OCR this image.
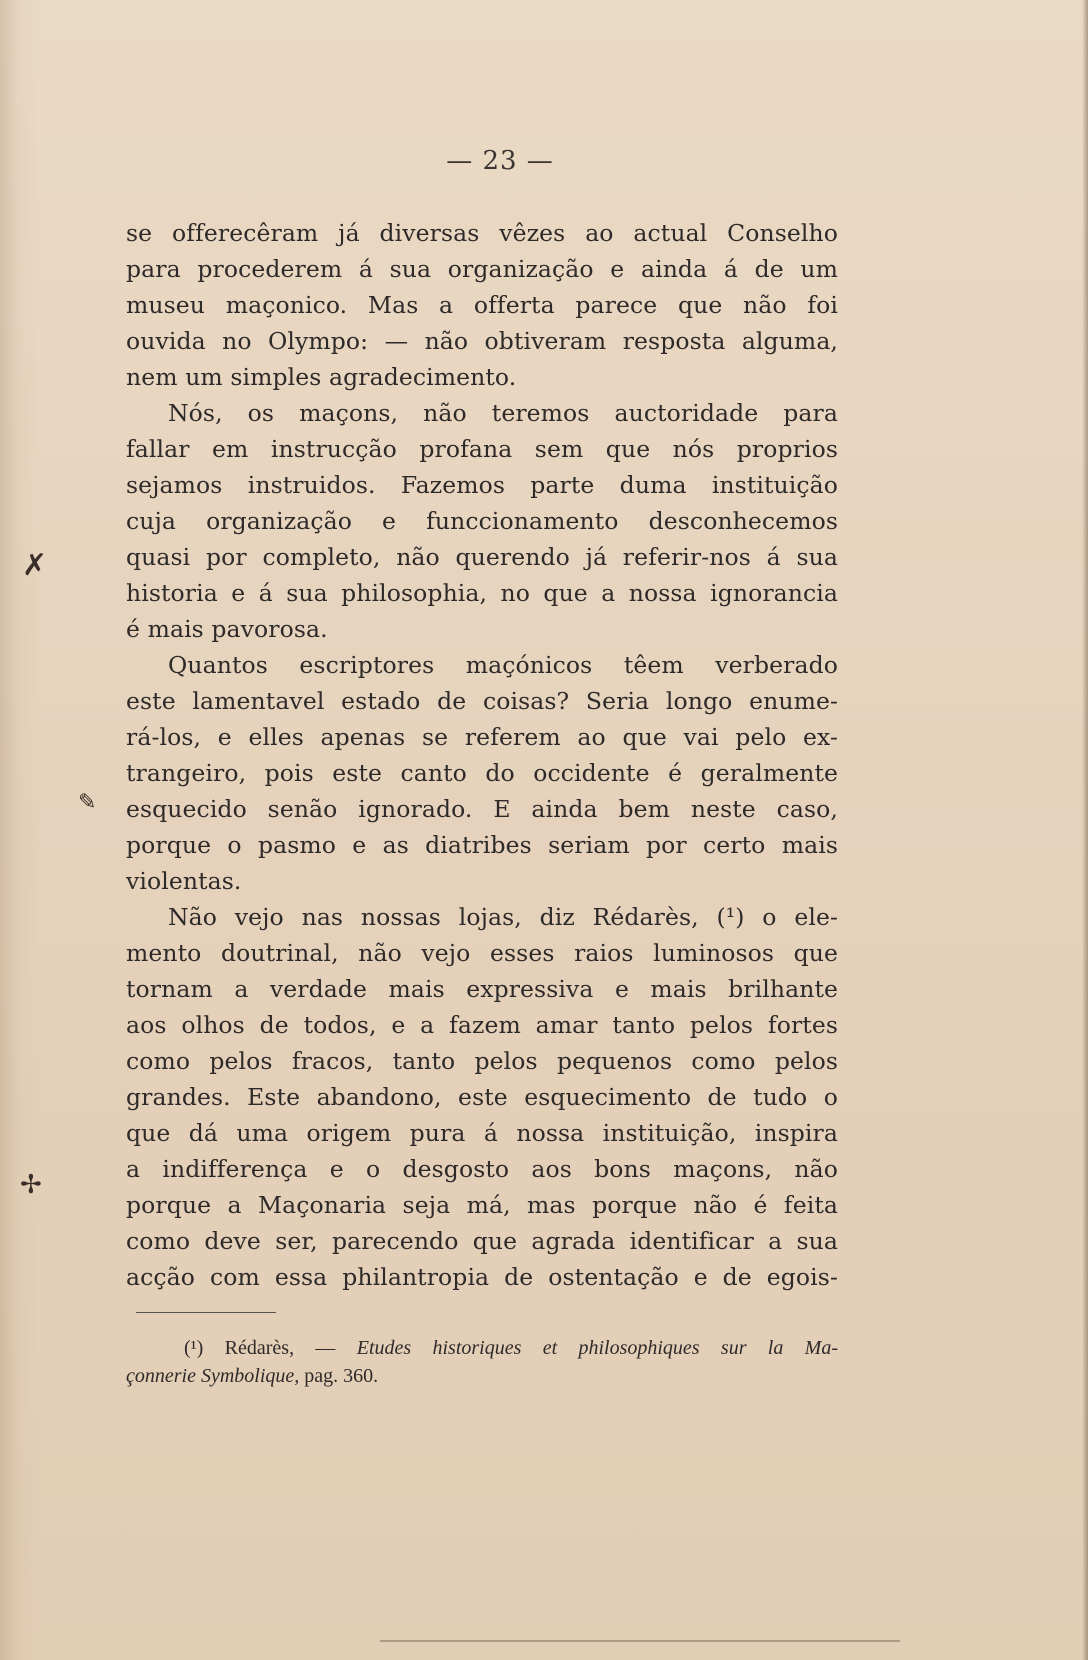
— 23 —
se offerecêram já diversas vêzes ao actual Conselho
para procederem á sua organização e ainda á de um
museu maçonico. Mas a offerta parece que não foi
ouvida no Olympo: — não obtiveram resposta alguma,
nem um simples agradecimento.
Nós, os maçons, não teremos auctoridade para
fallar em instrucção profana sem que nós proprios
sejamos instruidos. Fazemos parte duma instituição
cuja organização e funccionamento desconhecemos
quasi por completo, não querendo já referir-nos á sua
historia e á sua philosophia, no que a nossa ignorancia
é mais pavorosa.
Quantos escriptores maçónicos têem verberado
este lamentavel estado de coisas? Seria longo enume-
rá-los, e elles apenas se referem ao que vai pelo ex-
trangeiro, pois este canto do occidente é geralmente
esquecido senão ignorado. E ainda bem neste caso,
porque o pasmo e as diatribes seriam por certo mais
violentas.
Não vejo nas nossas lojas, diz Rédarès, (¹) o ele-
mento doutrinal, não vejo esses raios luminosos que
tornam a verdade mais expressiva e mais brilhante
aos olhos de todos, e a fazem amar tanto pelos fortes
como pelos fracos, tanto pelos pequenos como pelos
grandes. Este abandono, este esquecimento de tudo o
que dá uma origem pura á nossa instituição, inspira
a indifferença e o desgosto aos bons maçons, não
porque a Maçonaria seja má, mas porque não é feita
como deve ser, parecendo que agrada identificar a sua
acção com essa philantropia de ostentação e de egois-
(¹) Rédarès, — Etudes historiques et philosophiques sur la Ma-
çonnerie Symbolique, pag. 360.
✗
✎
✢
